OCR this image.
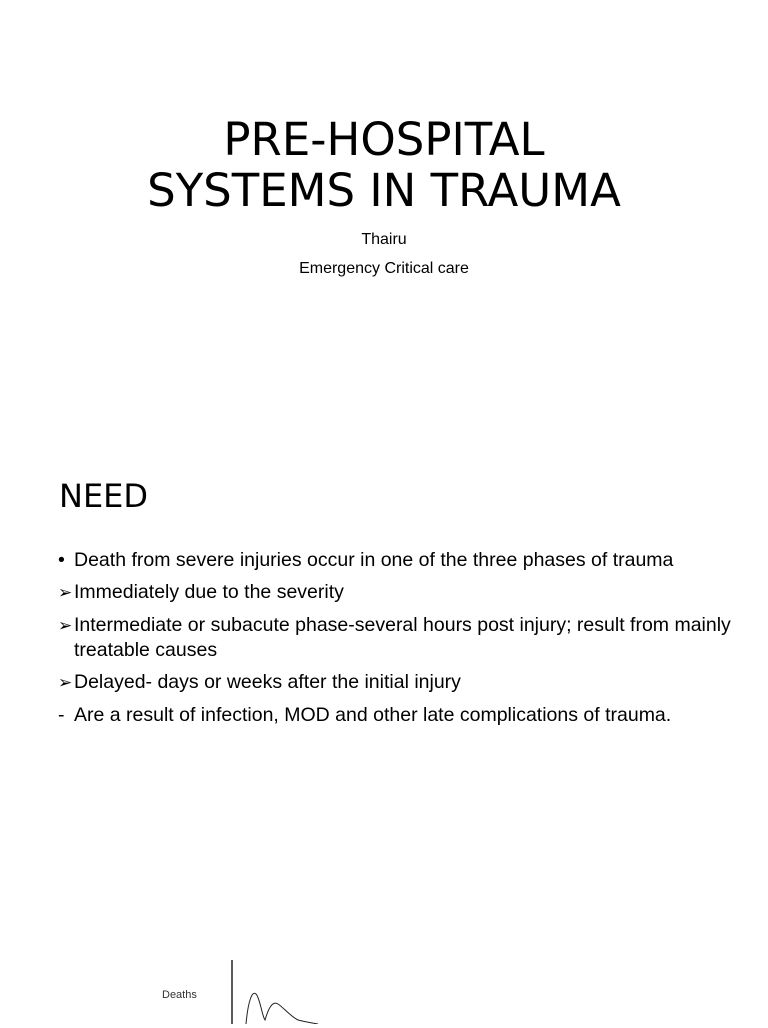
PRE-HOSPITAL
SYSTEMS IN TRAUMA
Thairu
Emergency Critical care
NEED
•Death from severe injuries occur in one of the three phases of trauma
➢Immediately due to the severity
➢Intermediate or subacute phase-several hours post injury; result from mainly treatable causes
➢Delayed- days or weeks after the initial injury
-Are a result of infection, MOD and other late complications of trauma.
Deaths
